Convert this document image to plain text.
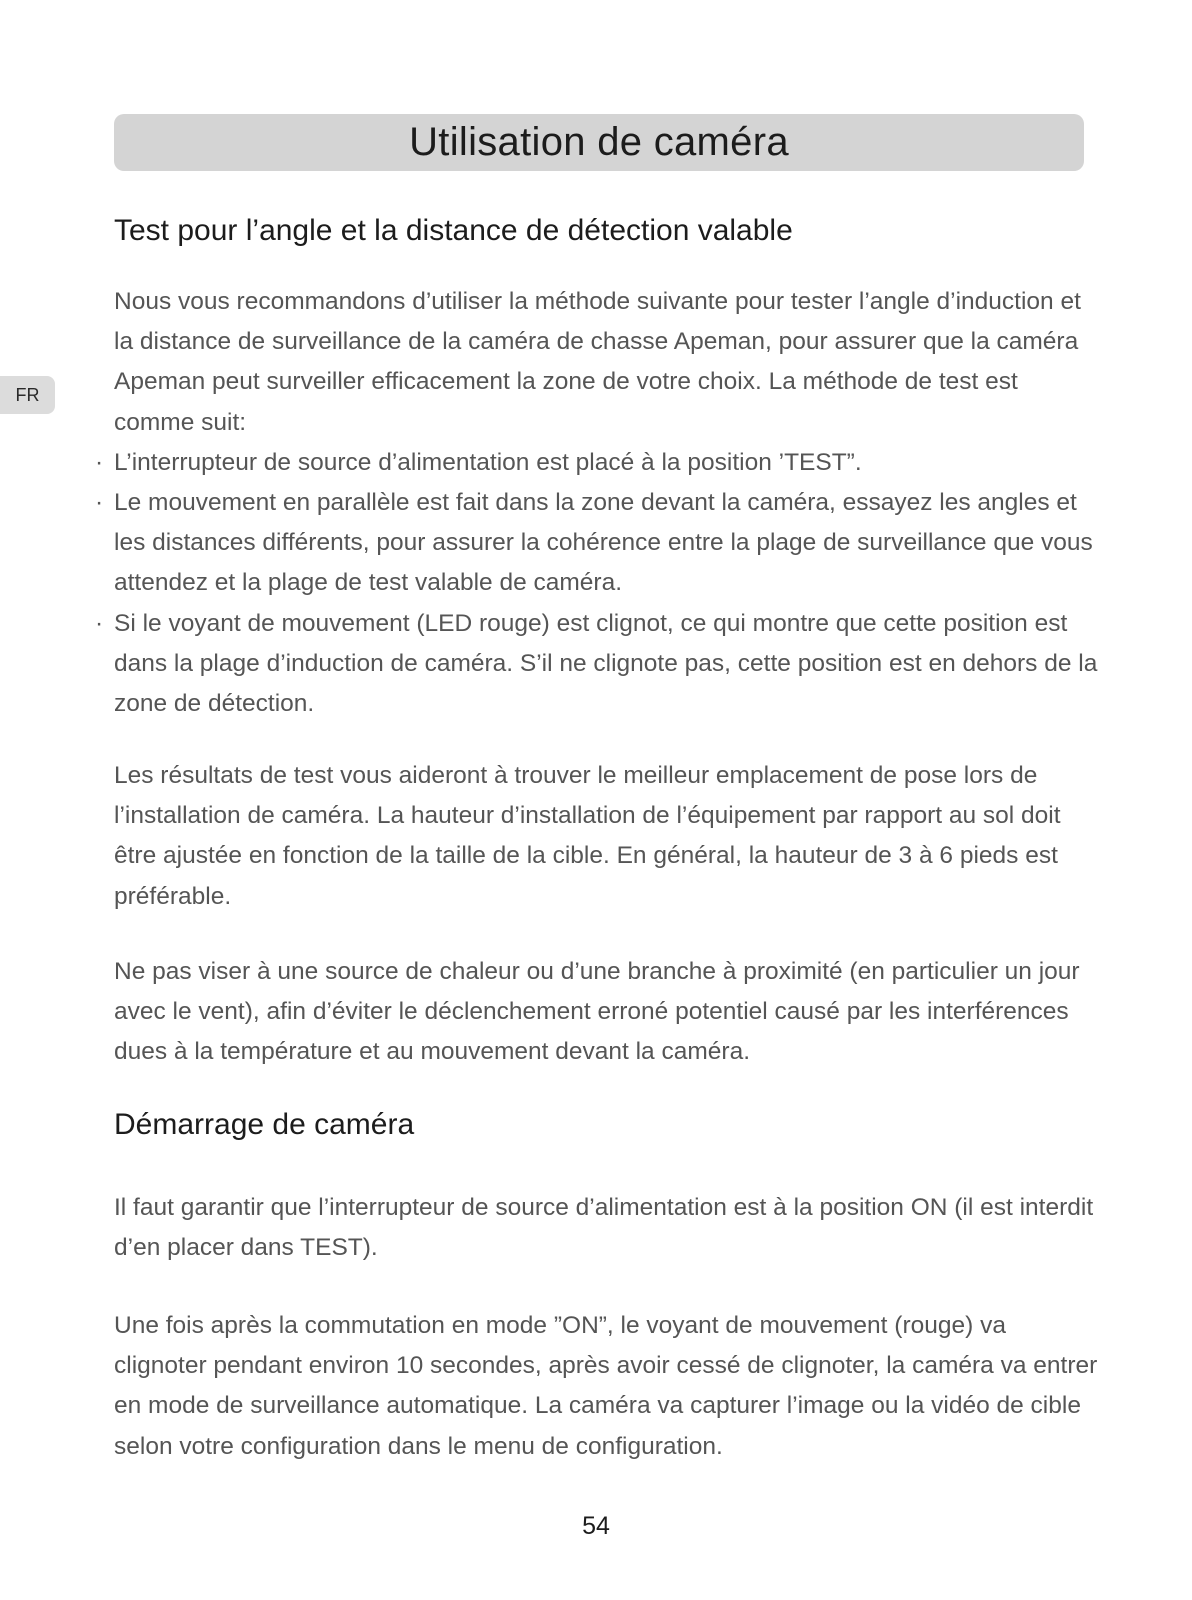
Utilisation de caméra
FR
Test pour l’angle et la distance de détection valable

Nous vous recommandons d’utiliser la méthode suivante pour tester l’angle d’induction et la distance de surveillance de la caméra de chasse Apeman, pour assurer que la caméra Apeman peut surveiller efficacement la zone de votre choix. La méthode de test est comme suit:

· L’interrupteur de source d’alimentation est placé à la position ’TEST”.

· Le mouvement en parallèle est fait dans la zone devant la caméra, essayez les angles et les distances différents, pour assurer la cohérence entre la plage de surveillance que vous attendez et la plage de test valable de caméra.

· Si le voyant de mouvement (LED rouge) est clignot, ce qui montre que cette position est dans la plage d’induction de caméra. S’il ne clignote pas, cette position est en dehors de la zone de détection.

Les résultats de test vous aideront à trouver le meilleur emplacement de pose lors de l’installation de caméra. La hauteur d’installation de l’équipement par rapport au sol doit être ajustée en fonction de la taille de la cible. En général, la hauteur de 3 à 6 pieds est préférable.

Ne pas viser à une source de chaleur ou d’une branche à proximité (en particulier un jour avec le vent), afin d’éviter le déclenchement erroné potentiel causé par les interférences dues à la température et au mouvement devant la caméra.

Démarrage de caméra

Il faut garantir que l’interrupteur de source d’alimentation est à la position ON (il est interdit d’en placer dans TEST).

Une fois après la commutation en mode ”ON”, le voyant de mouvement (rouge) va clignoter pendant environ 10 secondes, après avoir cessé de clignoter, la caméra va entrer en mode de surveillance automatique. La caméra va capturer l’image ou la vidéo de cible selon votre configuration dans le menu de configuration.

54
